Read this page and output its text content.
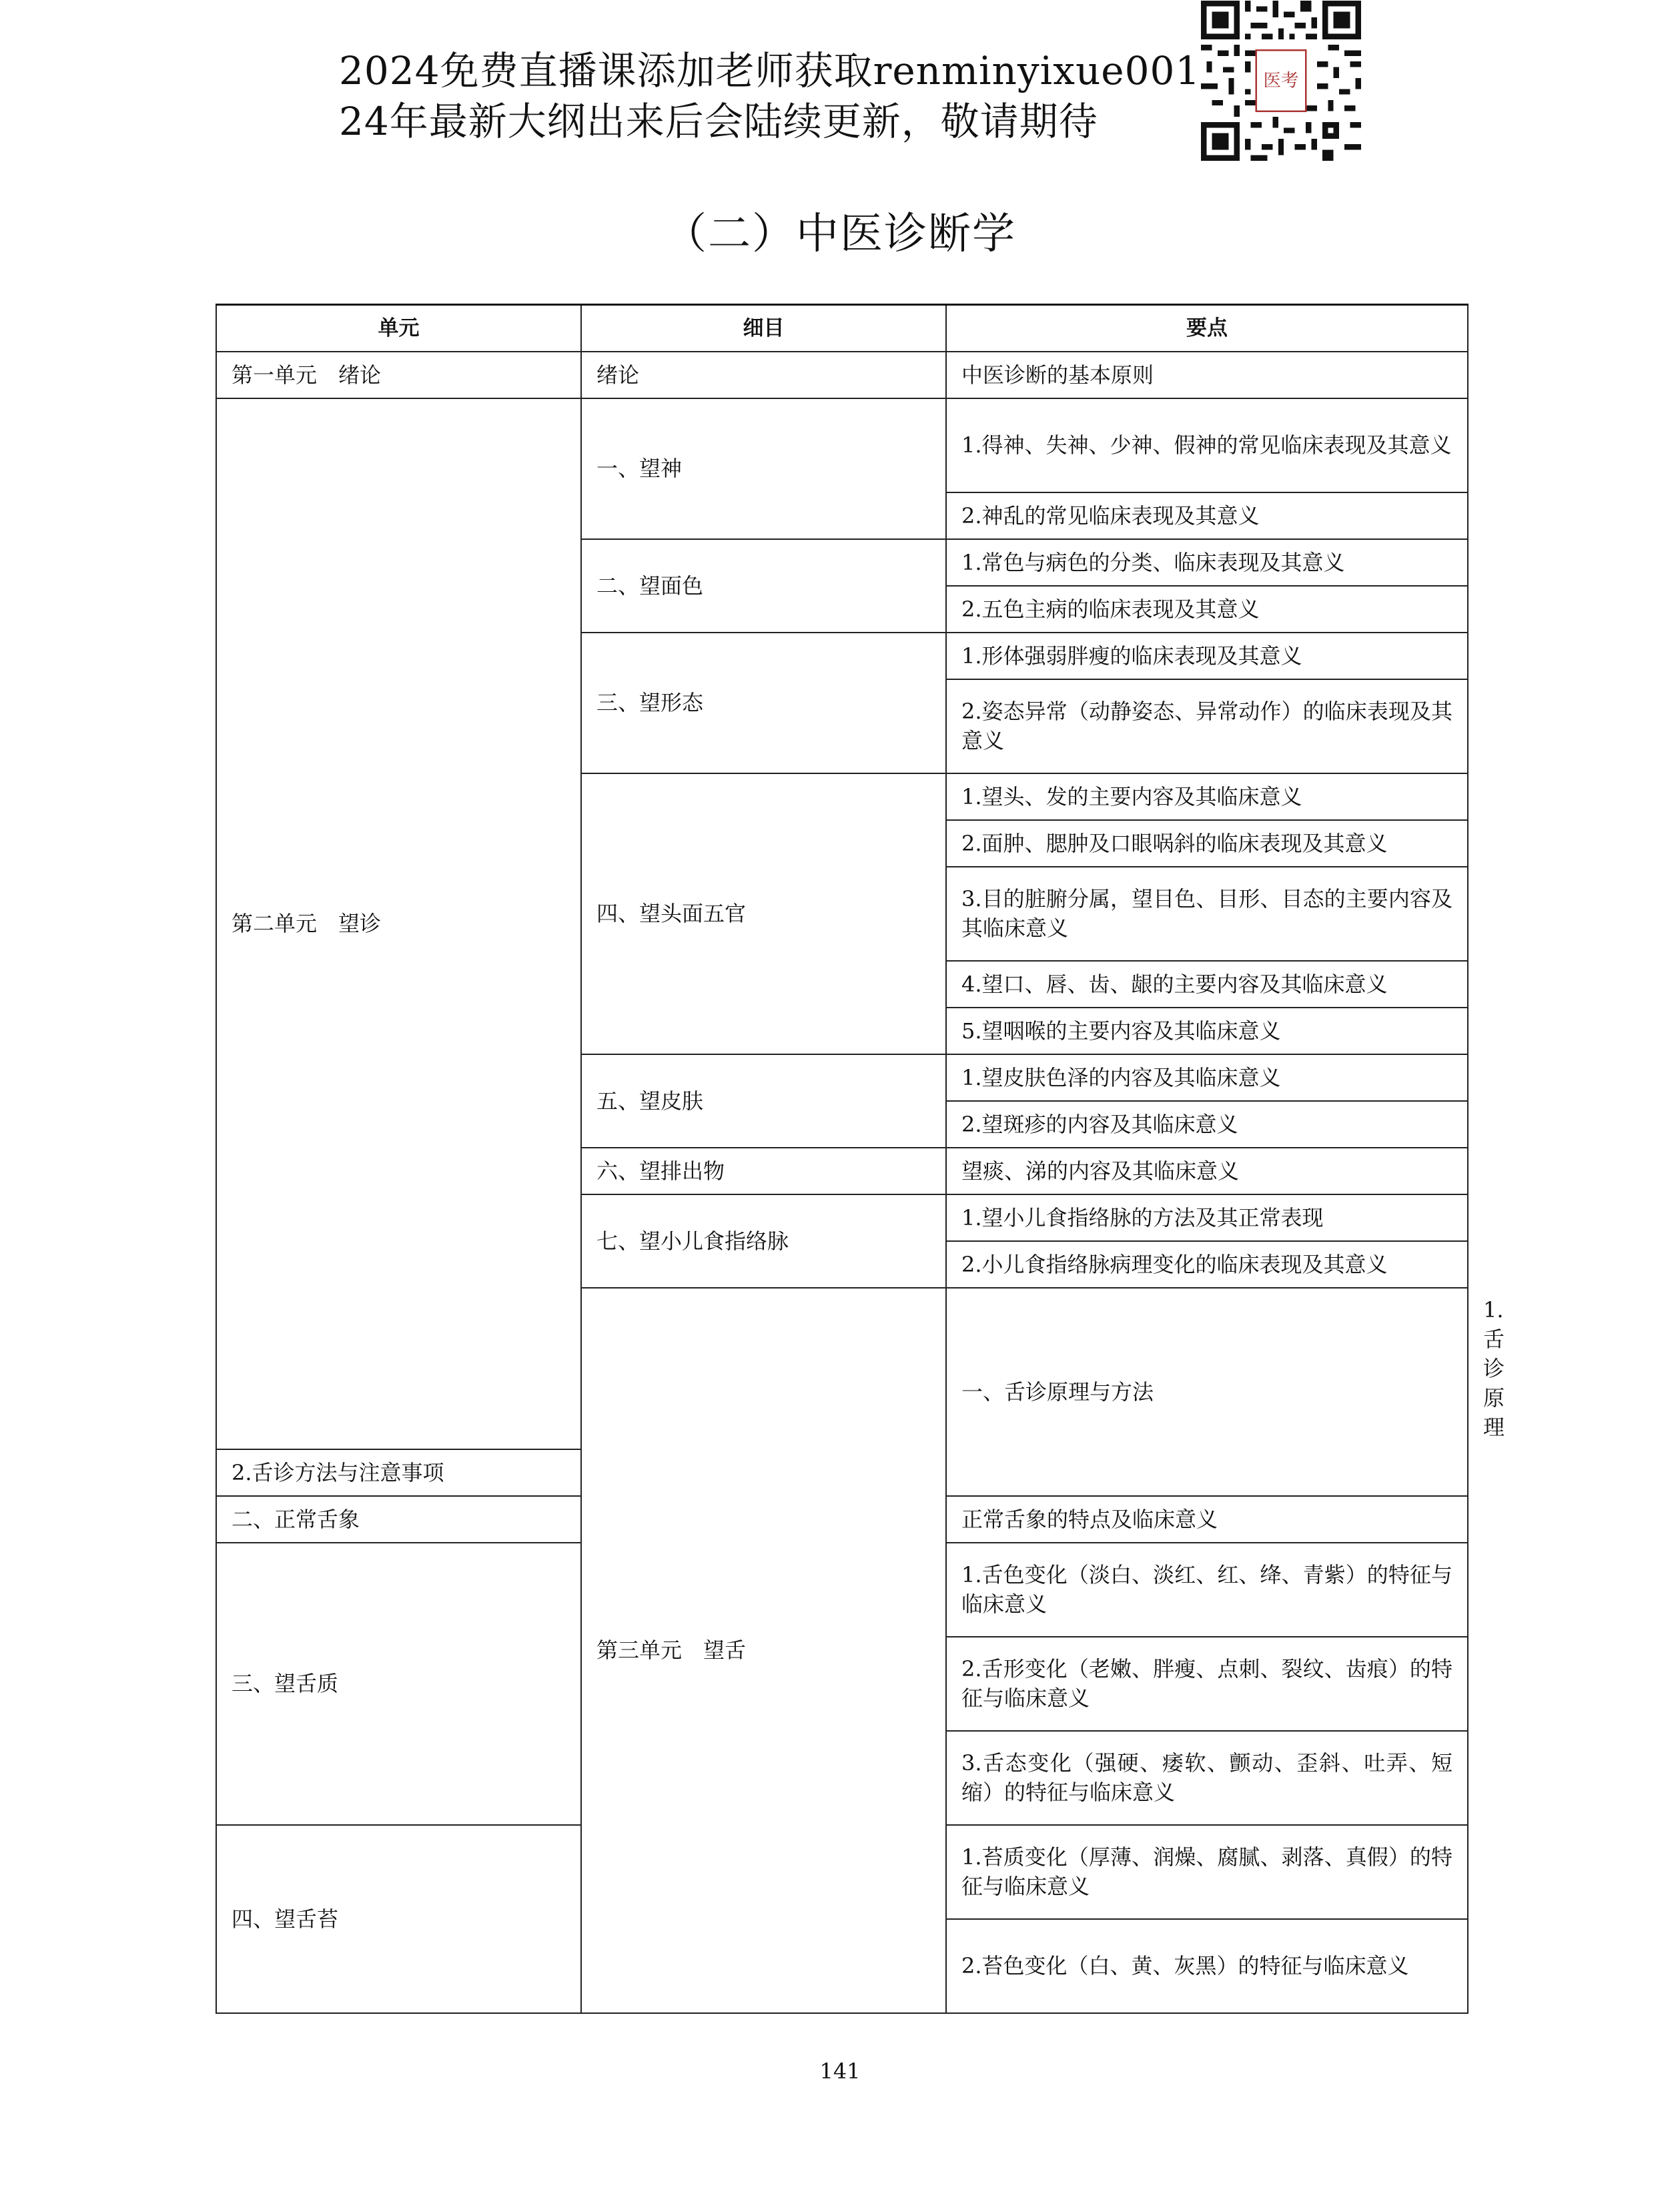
2024免费直播课添加老师获取renminyixue001
24年最新大纲出来后会陆续更新，敬请期待
医考
（二）中医诊断学
单元	细目	要点	
第一单元　绪论	绪论	中医诊断的基本原则	
第二单元　望诊	一、望神	1.得神、失神、少神、假神的常见临床表现及其意义	
		2.神乱的常见临床表现及其意义	
	二、望面色	1.常色与病色的分类、临床表现及其意义	
		2.五色主病的临床表现及其意义	
	三、望形态	1.形体强弱胖瘦的临床表现及其意义	
		2.姿态异常（动静姿态、异常动作）的临床表现及其意义	
	四、望头面五官	1.望头、发的主要内容及其临床意义	
		2.面肿、腮肿及口眼㖞斜的临床表现及其意义	
		3.目的脏腑分属，望目色、目形、目态的主要内容及其临床意义	
		4.望口、唇、齿、龈的主要内容及其临床意义	
		5.望咽喉的主要内容及其临床意义	
	五、望皮肤	1.望皮肤色泽的内容及其临床意义	
		2.望斑疹的内容及其临床意义	
	六、望排出物	望痰、涕的内容及其临床意义	
	七、望小儿食指络脉	1.望小儿食指络脉的方法及其正常表现	
		2.小儿食指络脉病理变化的临床表现及其意义	
	第三单元　望舌	一、舌诊原理与方法	1.舌诊原理
2.舌诊方法与注意事项			
二、正常舌象		正常舌象的特点及临床意义	
三、望舌质		1.舌色变化（淡白、淡红、红、绛、青紫）的特征与临床意义	
		2.舌形变化（老嫩、胖瘦、点刺、裂纹、齿痕）的特征与临床意义	
		3.舌态变化（强硬、痿软、颤动、歪斜、吐弄、短缩）的特征与临床意义	
四、望舌苔		1.苔质变化（厚薄、润燥、腐腻、剥落、真假）的特征与临床意义	
		2.苔色变化（白、黄、灰黑）的特征与临床意义	
141
